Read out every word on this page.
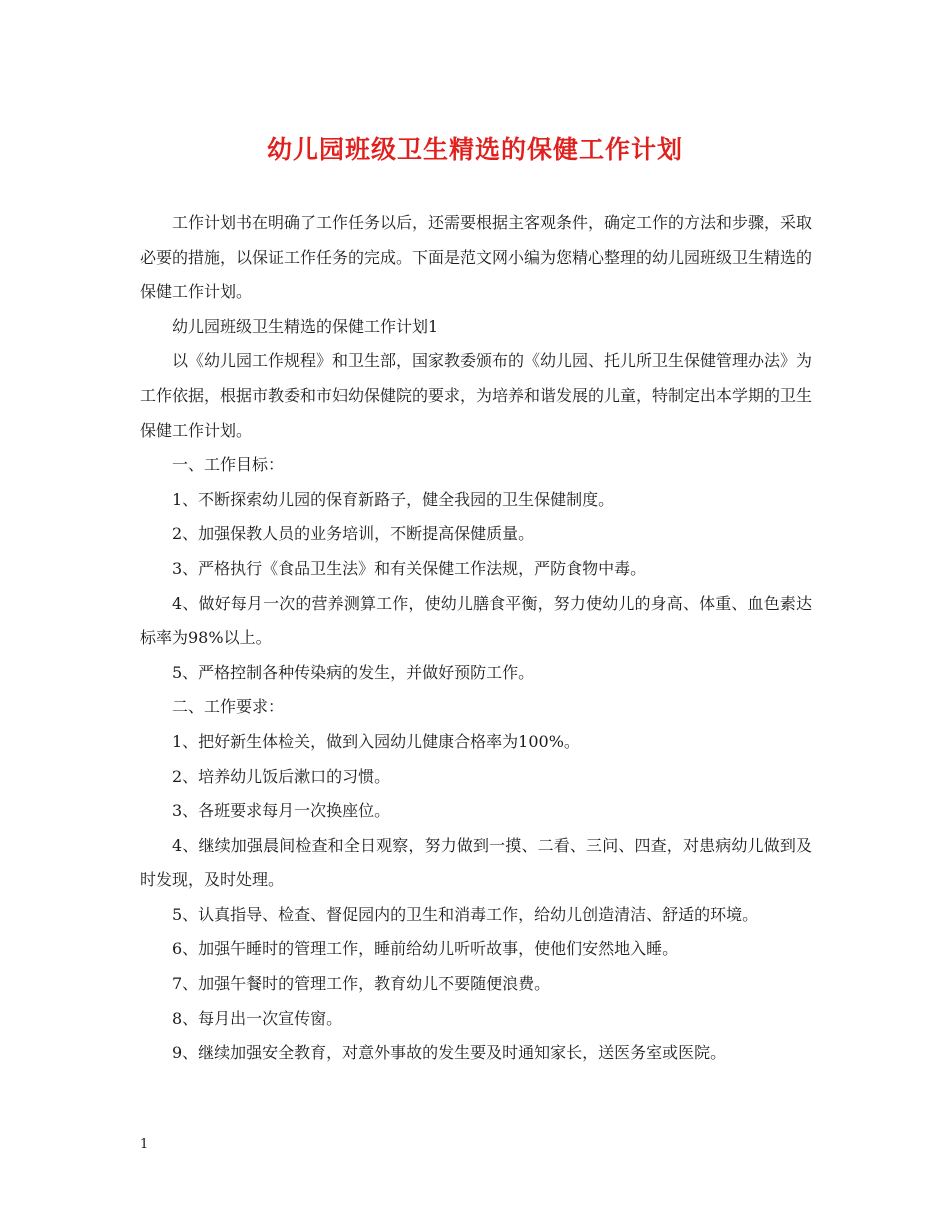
幼儿园班级卫生精选的保健工作计划

工作计划书在明确了工作任务以后，还需要根据主客观条件，确定工作的方法和步骤，采取必要的措施，以保证工作任务的完成。下面是范文网小编为您精心整理的幼儿园班级卫生精选的保健工作计划。

幼儿园班级卫生精选的保健工作计划1

以《幼儿园工作规程》和卫生部，国家教委颁布的《幼儿园、托儿所卫生保健管理办法》为工作依据，根据市教委和市妇幼保健院的要求，为培养和谐发展的儿童，特制定出本学期的卫生保健工作计划。

一、工作目标：

1、不断探索幼儿园的保育新路子，健全我园的卫生保健制度。

2、加强保教人员的业务培训，不断提高保健质量。

3、严格执行《食品卫生法》和有关保健工作法规，严防食物中毒。

4、做好每月一次的营养测算工作，使幼儿膳食平衡，努力使幼儿的身高、体重、血色素达标率为98%以上。

5、严格控制各种传染病的发生，并做好预防工作。

二、工作要求：

1、把好新生体检关，做到入园幼儿健康合格率为100%。

2、培养幼儿饭后漱口的习惯。

3、各班要求每月一次换座位。

4、继续加强晨间检查和全日观察，努力做到一摸、二看、三问、四查，对患病幼儿做到及时发现，及时处理。

5、认真指导、检查、督促园内的卫生和消毒工作，给幼儿创造清洁、舒适的环境。

6、加强午睡时的管理工作，睡前给幼儿听听故事，使他们安然地入睡。

7、加强午餐时的管理工作，教育幼儿不要随便浪费。

8、每月出一次宣传窗。

9、继续加强安全教育，对意外事故的发生要及时通知家长，送医务室或医院。

1
